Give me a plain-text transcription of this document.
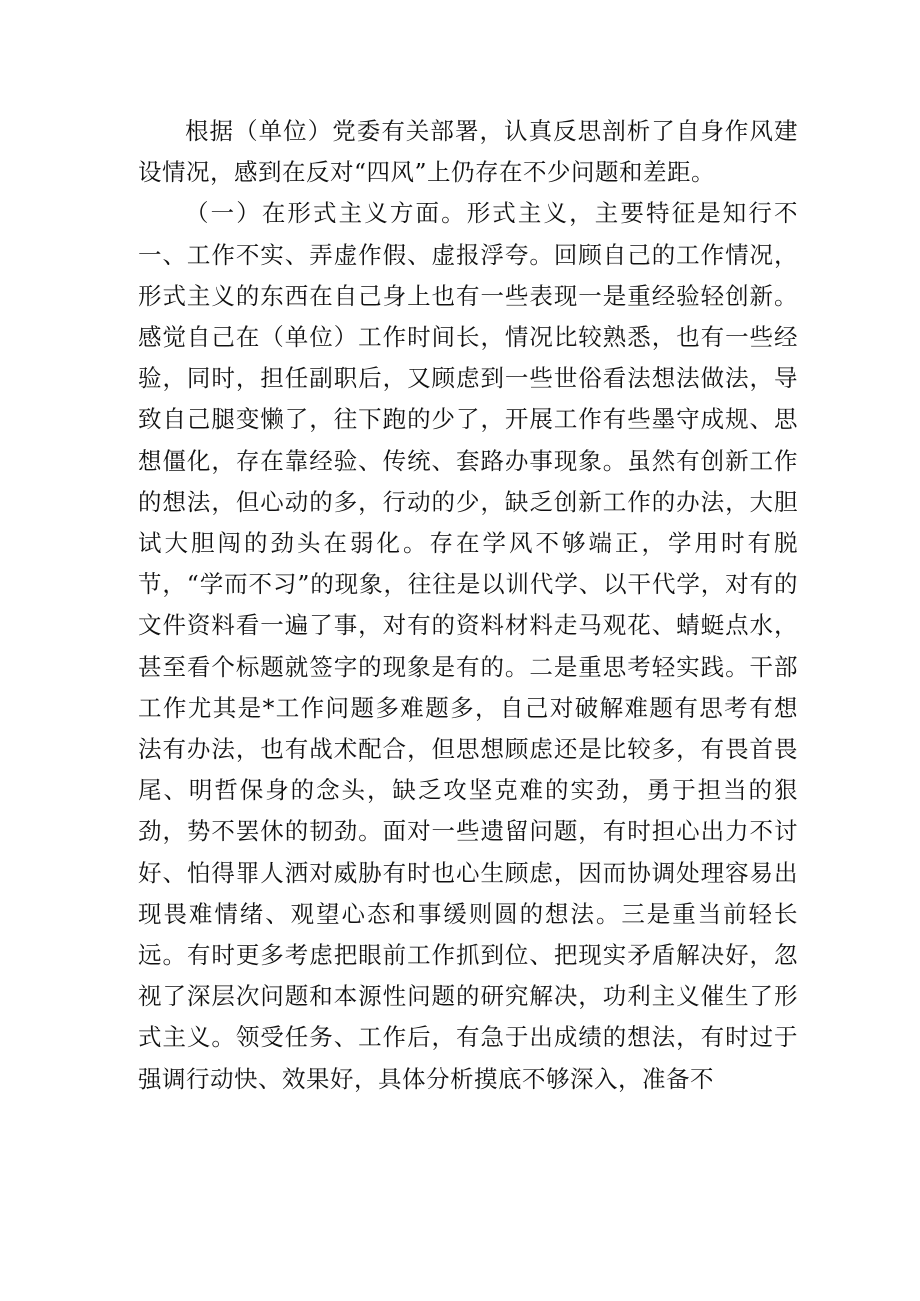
根据（单位）党委有关部署，认真反思剖析了自身作风建设情况，感到在反对“四风”上仍存在不少问题和差距。

（一）在形式主义方面。形式主义，主要特征是知行不一、工作不实、弄虚作假、虚报浮夸。回顾自己的工作情况，形式主义的东西在自己身上也有一些表现一是重经验轻创新。感觉自己在（单位）工作时间长，情况比较熟悉，也有一些经验，同时，担任副职后，又顾虑到一些世俗看法想法做法，导致自己腿变懒了，往下跑的少了，开展工作有些墨守成规、思想僵化，存在靠经验、传统、套路办事现象。虽然有创新工作的想法，但心动的多，行动的少，缺乏创新工作的办法，大胆试大胆闯的劲头在弱化。存在学风不够端正，学用时有脱节，“学而不习”的现象，往往是以训代学、以干代学，对有的文件资料看一遍了事，对有的资料材料走马观花、蜻蜓点水，甚至看个标题就签字的现象是有的。二是重思考轻实践。干部工作尤其是*工作问题多难题多，自己对破解难题有思考有想法有办法，也有战术配合，但思想顾虑还是比较多，有畏首畏尾、明哲保身的念头，缺乏攻坚克难的实劲，勇于担当的狠劲，势不罢休的韧劲。面对一些遗留问题，有时担心出力不讨好、怕得罪人洒对威胁有时也心生顾虑，因而协调处理容易出现畏难情绪、观望心态和事缓则圆的想法。三是重当前轻长远。有时更多考虑把眼前工作抓到位、把现实矛盾解决好，忽视了深层次问题和本源性问题的研究解决，功利主义催生了形式主义。领受任务、工作后，有急于出成绩的想法，有时过于强调行动快、效果好，具体分析摸底不够深入，准备不
